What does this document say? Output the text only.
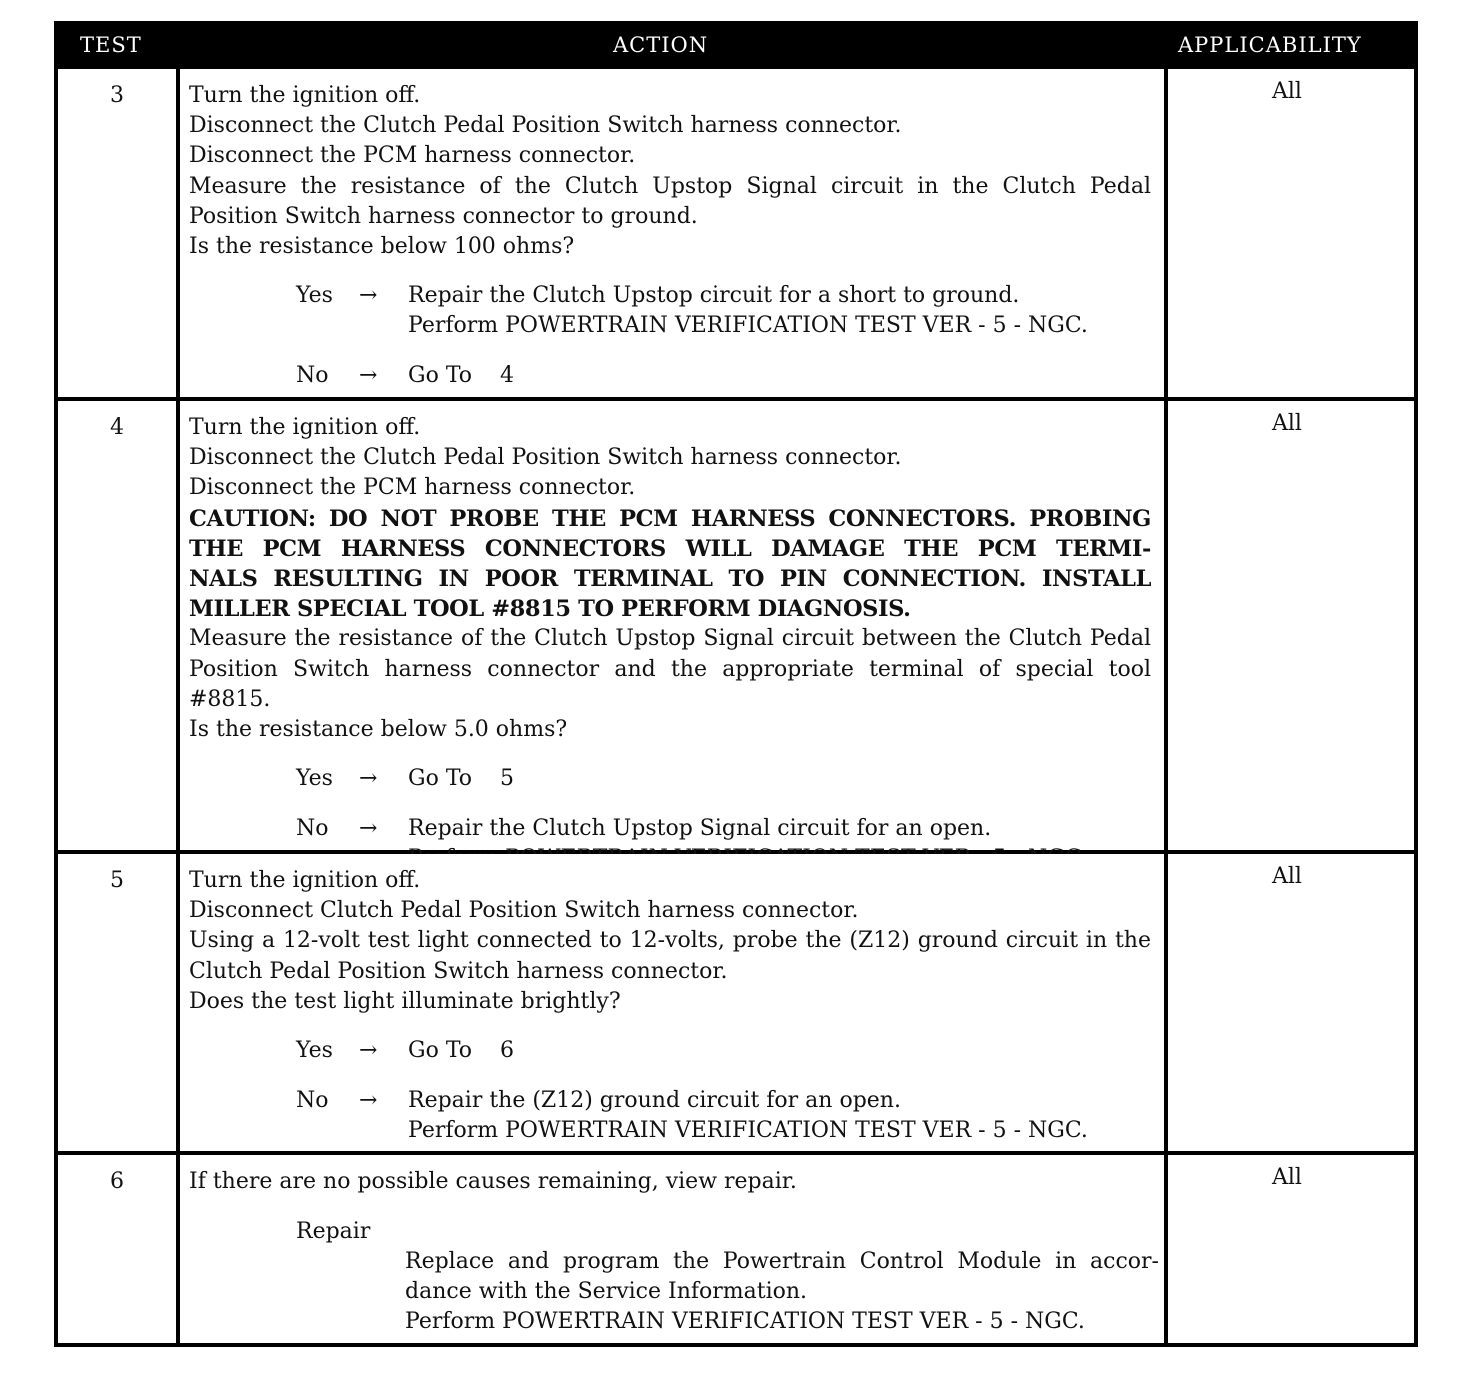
TEST	ACTION	APPLICABILITY
3	Turn the ignition off.
Disconnect the Clutch Pedal Position Switch harness connector.
Disconnect the PCM harness connector.
Measure the resistance of the Clutch Upstop Signal circuit in the Clutch Pedal
Position Switch harness connector to ground.
Is the resistance below 100 ohms?
Yes → Repair the Clutch Upstop circuit for a short to ground.
Perform POWERTRAIN VERIFICATION TEST VER - 5 - NGC.
No → Go To    4
All
4	Turn the ignition off.
Disconnect the Clutch Pedal Position Switch harness connector.
Disconnect the PCM harness connector.
CAUTION: DO NOT PROBE THE PCM HARNESS CONNECTORS. PROBING
THE PCM HARNESS CONNECTORS WILL DAMAGE THE PCM TERMI-
NALS RESULTING IN POOR TERMINAL TO PIN CONNECTION. INSTALL
MILLER SPECIAL TOOL #8815 TO PERFORM DIAGNOSIS.
Measure the resistance of the Clutch Upstop Signal circuit between the Clutch Pedal
Position Switch harness connector and the appropriate terminal of special tool #8815.
Is the resistance below 5.0 ohms?
Yes → Go To    5
No → Repair the Clutch Upstop Signal circuit for an open.
All
5	Turn the ignition off.
Disconnect Clutch Pedal Position Switch harness connector.
Using a 12-volt test light connected to 12-volts, probe the (Z12) ground circuit in the
Clutch Pedal Position Switch harness connector.
Does the test light illuminate brightly?
Yes → Go To    6
No → Repair the (Z12) ground circuit for an open.
Perform POWERTRAIN VERIFICATION TEST VER - 5 - NGC.
All
6	If there are no possible causes remaining, view repair.
Repair
Replace and program the Powertrain Control Module in accor-
dance with the Service Information.
Perform POWERTRAIN VERIFICATION TEST VER - 5 - NGC.
All
